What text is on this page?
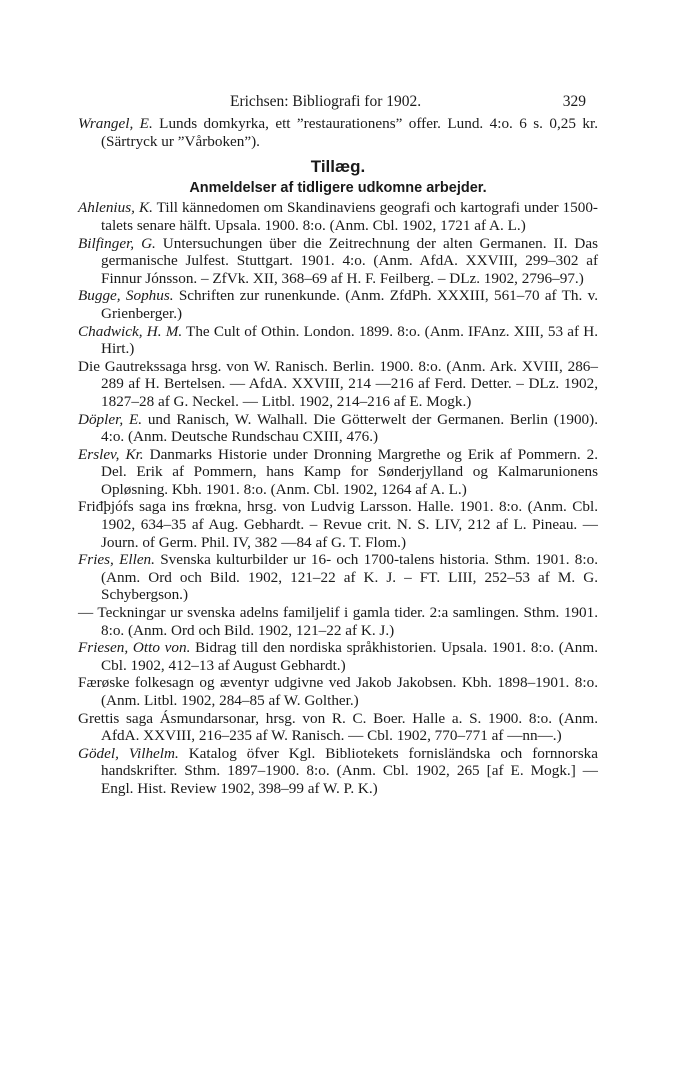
Erichsen: Bibliografi for 1902.	329

Wrangel, E. Lunds domkyrka, ett ”restaurationens” offer. Lund. 4:o. 6 s. 0,25 kr. (Särtryck ur ”Vårboken”).

Tillæg.
Anmeldelser af tidligere udkomne arbejder.

Ahlenius, K. Till kännedomen om Skandinaviens geografi och kartografi under 1500-talets senare hälft. Upsala. 1900. 8:o. (Anm. Cbl. 1902, 1721 af A. L.)

Bilfinger, G. Untersuchungen über die Zeitrechnung der alten Germanen. II. Das germanische Julfest. Stuttgart. 1901. 4:o. (Anm. AfdA. XXVIII, 299–302 af Finnur Jónsson. – ZfVk. XII, 368–69 af H. F. Feilberg. – DLz. 1902, 2796–97.)

Bugge, Sophus. Schriften zur runenkunde. (Anm. ZfdPh. XXXIII, 561–70 af Th. v. Grienberger.)

Chadwick, H. M. The Cult of Othin. London. 1899. 8:o. (Anm. IFAnz. XIII, 53 af H. Hirt.)

Die Gautrekssaga hrsg. von W. Ranisch. Berlin. 1900. 8:o. (Anm. Ark. XVIII, 286–289 af H. Bertelsen. — AfdA. XXVIII, 214 —216 af Ferd. Detter. – DLz. 1902, 1827–28 af G. Neckel. — Litbl. 1902, 214–216 af E. Mogk.)

Döpler, E. und Ranisch, W. Walhall. Die Götterwelt der Germanen. Berlin (1900). 4:o. (Anm. Deutsche Rundschau CXIII, 476.)

Erslev, Kr. Danmarks Historie under Dronning Margrethe og Erik af Pommern. 2. Del. Erik af Pommern, hans Kamp for Sønderjylland og Kalmarunionens Opløsning. Kbh. 1901. 8:o. (Anm. Cbl. 1902, 1264 af A. L.)

Friđþjófs saga ins frœkna, hrsg. von Ludvig Larsson. Halle. 1901. 8:o. (Anm. Cbl. 1902, 634–35 af Aug. Gebhardt. – Revue crit. N. S. LIV, 212 af L. Pineau. — Journ. of Germ. Phil. IV, 382 —84 af G. T. Flom.)

Fries, Ellen. Svenska kulturbilder ur 16- och 1700-talens historia. Sthm. 1901. 8:o. (Anm. Ord och Bild. 1902, 121–22 af K. J. – FT. LIII, 252–53 af M. G. Schybergson.)

— Teckningar ur svenska adelns familjelif i gamla tider. 2:a samlingen. Sthm. 1901. 8:o. (Anm. Ord och Bild. 1902, 121–22 af K. J.)

Friesen, Otto von. Bidrag till den nordiska språkhistorien. Upsala. 1901. 8:o. (Anm. Cbl. 1902, 412–13 af August Gebhardt.)

Færøske folkesagn og æventyr udgivne ved Jakob Jakobsen. Kbh. 1898–1901. 8:o. (Anm. Litbl. 1902, 284–85 af W. Golther.)

Grettis saga Ásmundarsonar, hrsg. von R. C. Boer. Halle a. S. 1900. 8:o. (Anm. AfdA. XXVIII, 216–235 af W. Ranisch. — Cbl. 1902, 770–771 af —nn—.)

Gödel, Vilhelm. Katalog öfver Kgl. Bibliotekets fornisländska och fornnorska handskrifter. Sthm. 1897–1900. 8:o. (Anm. Cbl. 1902, 265 [af E. Mogk.] — Engl. Hist. Review 1902, 398–99 af W. P. K.)
